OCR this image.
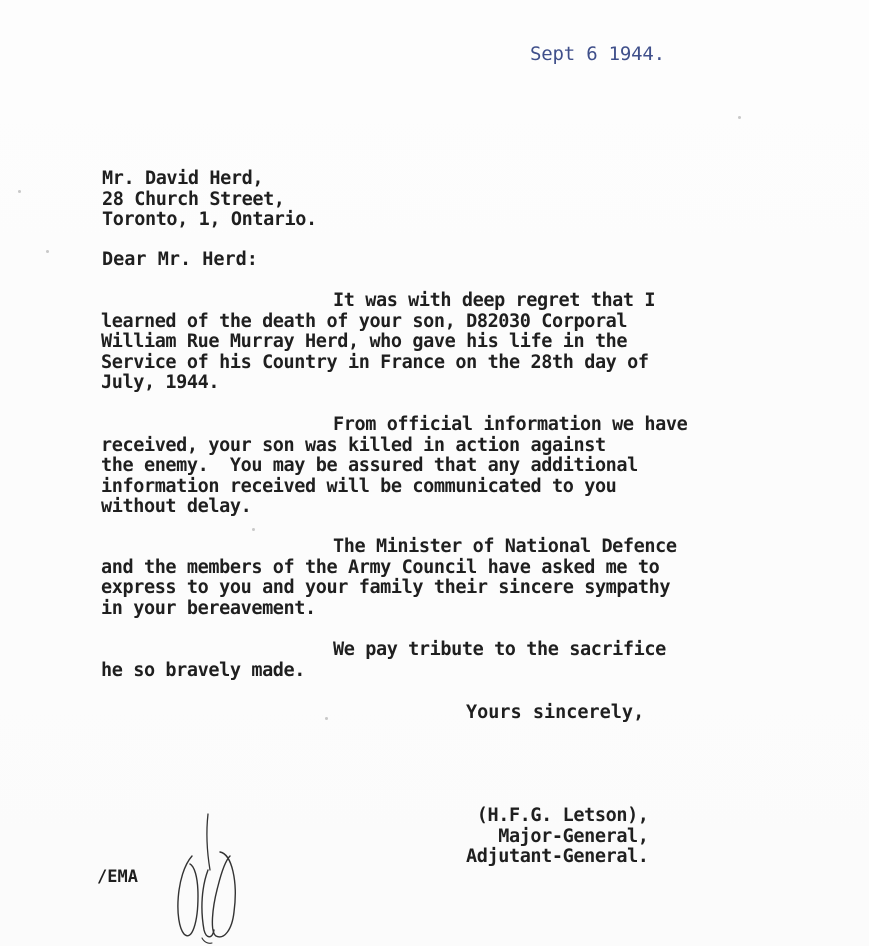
Sept 6 1944.
Mr. David Herd,
28 Church Street,
Toronto, 1, Ontario.
Dear Mr. Herd:
It was with deep regret that I
learned of the death of your son, D82030 Corporal
William Rue Murray Herd, who gave his life in the
Service of his Country in France on the 28th day of
July, 1944.
From official information we have
received, your son was killed in action against
the enemy.  You may be assured that any additional
information received will be communicated to you
without delay.
The Minister of National Defence
and the members of the Army Council have asked me to
express to you and your family their sincere sympathy
in your bereavement.
We pay tribute to the sacrifice
he so bravely made.
Yours sincerely,
(H.F.G. Letson),
Major-General,
Adjutant-General.
/EMA
